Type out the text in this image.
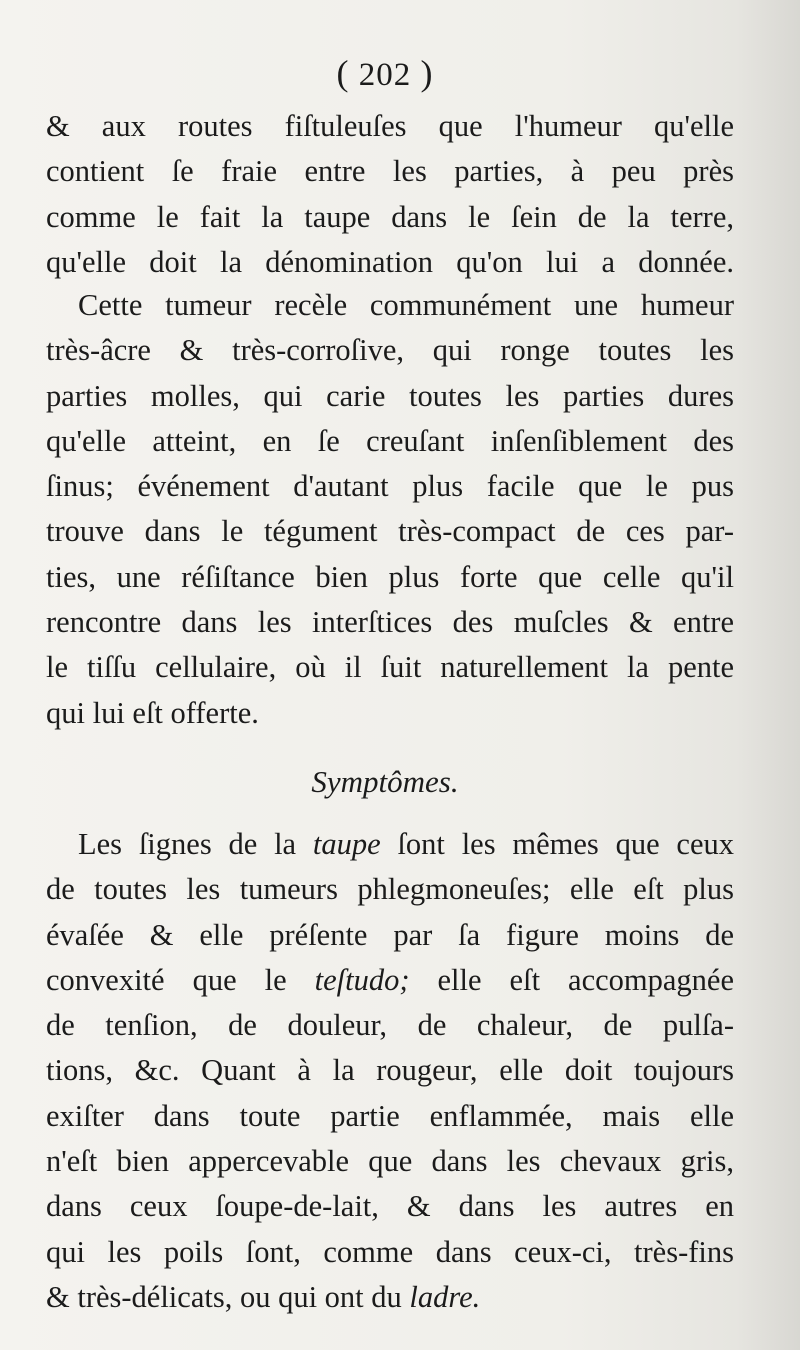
( 202 )
& aux routes fiſtuleuſes que l'humeur qu'elle
contient ſe fraie entre les parties, à peu près
comme le fait la taupe dans le ſein de la terre,
qu'elle doit la dénomination qu'on lui a donnée.
Cette tumeur recèle communément une humeur
très-âcre & très-corroſive, qui ronge toutes les
parties molles, qui carie toutes les parties dures
qu'elle atteint, en ſe creuſant inſenſiblement des
ſinus; événement d'autant plus facile que le pus
trouve dans le tégument très-compact de ces par-
ties, une réſiſtance bien plus forte que celle qu'il
rencontre dans les interſtices des muſcles & entre
le tiſſu cellulaire, où il ſuit naturellement la pente
qui lui eſt offerte.
Symptômes.
Les ſignes de la taupe ſont les mêmes que ceux
de toutes les tumeurs phlegmoneuſes; elle eſt plus
évaſée & elle préſente par ſa figure moins de
convexité que le teſtudo; elle eſt accompagnée
de tenſion, de douleur, de chaleur, de pulſa-
tions, &c. Quant à la rougeur, elle doit toujours
exiſter dans toute partie enflammée, mais elle
n'eſt bien appercevable que dans les chevaux gris,
dans ceux ſoupe-de-lait, & dans les autres en
qui les poils ſont, comme dans ceux-ci, très-fins
& très-délicats, ou qui ont du ladre.
